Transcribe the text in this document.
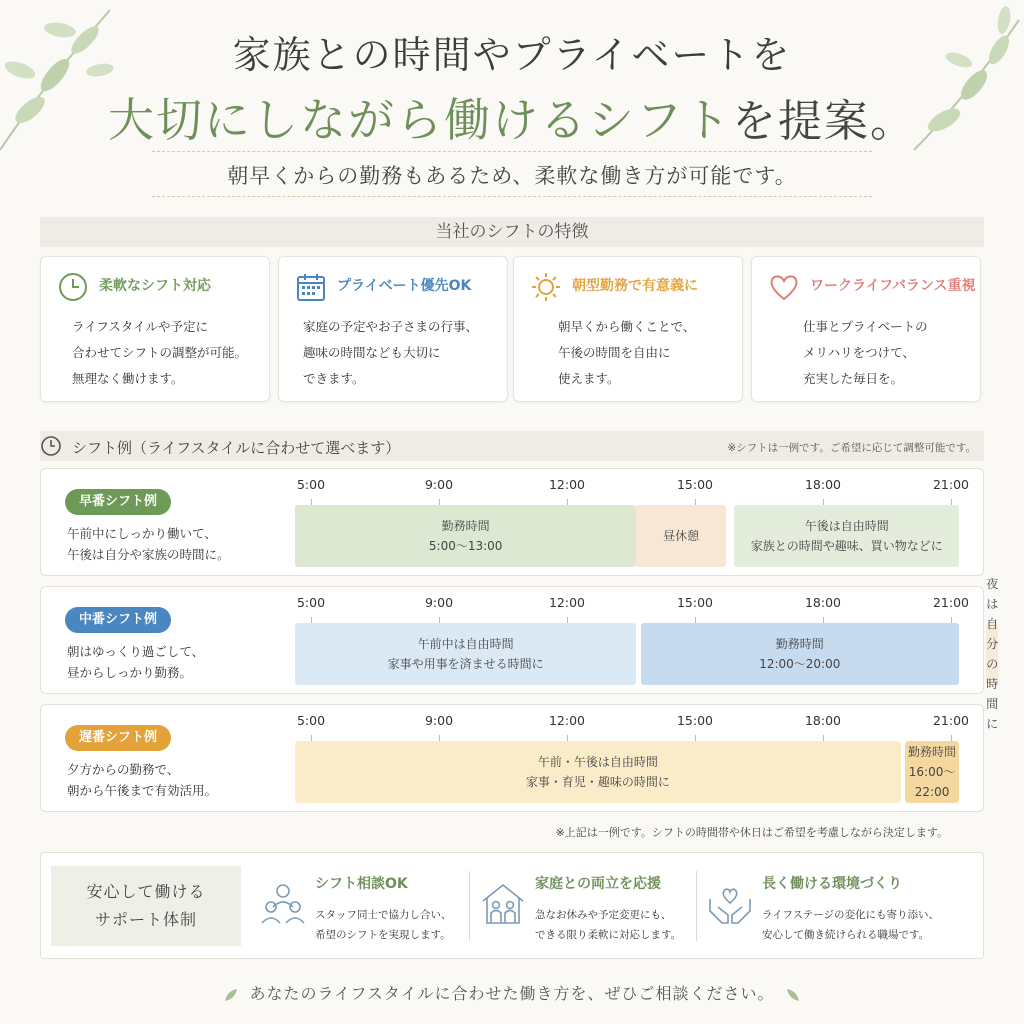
家族との時間やプライベートを
大切にしながら働けるシフトを提案。
朝早くからの勤務もあるため、柔軟な働き方が可能です。
当社のシフトの特徴
柔軟なシフト対応
ライフスタイルや予定に
合わせてシフトの調整が可能。
無理なく働けます。
プライベート優先OK
家庭の予定やお子さまの行事、
趣味の時間なども大切に
できます。
朝型勤務で有意義に
朝早くから働くことで、
午後の時間を自由に
使えます。
ワークライフバランス重視
仕事とプライベートの
メリハリをつけて、
充実した毎日を。
シフト例（ライフスタイルに合わせて選べます）	※シフトは一例です。ご希望に応じて調整可能です。
早番シフト例
午前中にしっかり働いて、
午後は自分や家族の時間に。
5:00	9:00	12:00	15:00	18:00	21:00
勤務時間
5:00〜13:00
昼休憩
午後は自由時間
家族との時間や趣味、買い物などに
中番シフト例
朝はゆっくり過ごして、
昼からしっかり勤務。
5:00	9:00	12:00	15:00	18:00	21:00
午前中は自由時間
家事や用事を済ませる時間に
勤務時間
12:00〜20:00
夜は自分の時間に
遅番シフト例
夕方からの勤務で、
朝から午後まで有効活用。
5:00	9:00	12:00	15:00	18:00	21:00
午前・午後は自由時間
家事・育児・趣味の時間に
勤務時間
16:00〜22:00
※上記は一例です。シフトの時間帯や休日はご希望を考慮しながら決定します。
安心して働ける
サポート体制
シフト相談OK
スタッフ同士で協力し合い、
希望のシフトを実現します。
家庭との両立を応援
急なお休みや予定変更にも、
できる限り柔軟に対応します。
長く働ける環境づくり
ライフステージの変化にも寄り添い、
安心して働き続けられる職場です。
あなたのライフスタイルに合わせた働き方を、ぜひご相談ください。
